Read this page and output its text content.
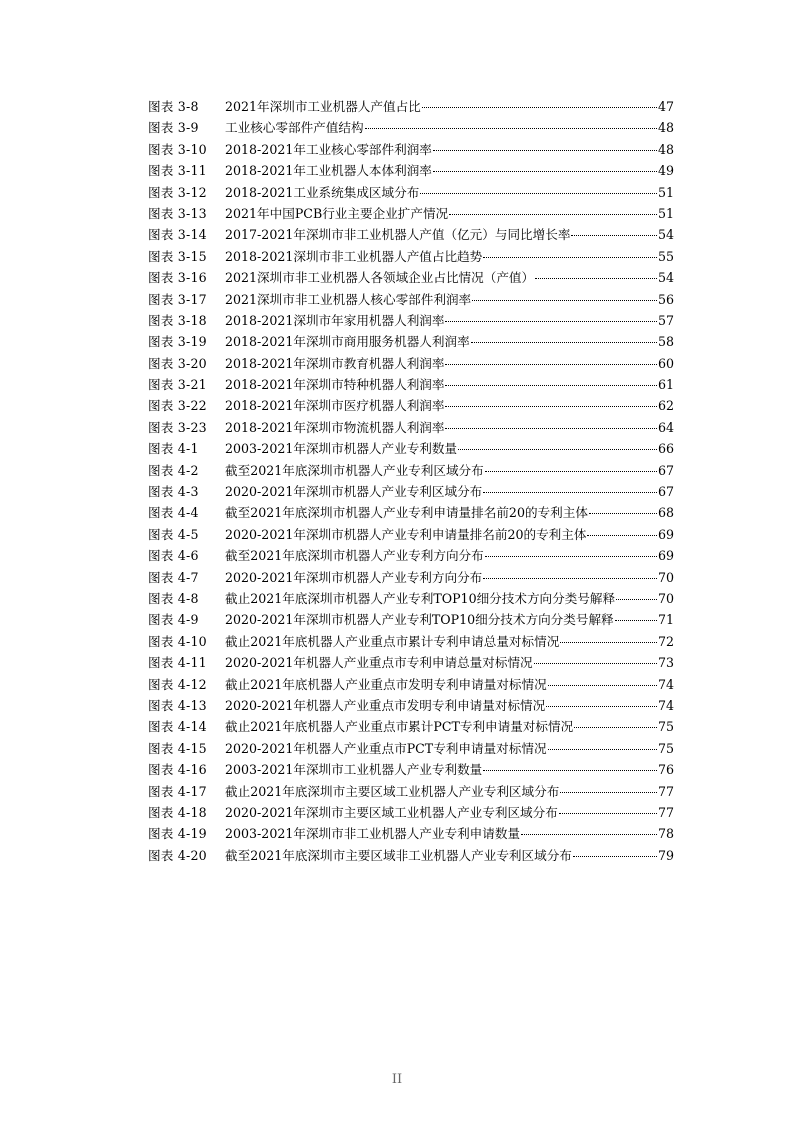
图表 3-8	2021年深圳市工业机器人产值占比	47
图表 3-9	工业核心零部件产值结构	48
图表 3-10	2018-2021年工业核心零部件利润率	48
图表 3-11	2018-2021年工业机器人本体利润率	49
图表 3-12	2018-2021工业系统集成区域分布	51
图表 3-13	2021年中国PCB行业主要企业扩产情况	51
图表 3-14	2017-2021年深圳市非工业机器人产值（亿元）与同比增长率	54
图表 3-15	2018-2021深圳市非工业机器人产值占比趋势	55
图表 3-16	2021深圳市非工业机器人各领域企业占比情况（产值）	54
图表 3-17	2021深圳市非工业机器人核心零部件利润率	56
图表 3-18	2018-2021深圳市年家用机器人利润率	57
图表 3-19	2018-2021年深圳市商用服务机器人利润率	58
图表 3-20	2018-2021年深圳市教育机器人利润率	60
图表 3-21	2018-2021年深圳市特种机器人利润率	61
图表 3-22	2018-2021年深圳市医疗机器人利润率	62
图表 3-23	2018-2021年深圳市物流机器人利润率	64
图表 4-1	2003-2021年深圳市机器人产业专利数量	66
图表 4-2	截至2021年底深圳市机器人产业专利区域分布	67
图表 4-3	2020-2021年深圳市机器人产业专利区域分布	67
图表 4-4	截至2021年底深圳市机器人产业专利申请量排名前20的专利主体	68
图表 4-5	2020-2021年深圳市机器人产业专利申请量排名前20的专利主体	69
图表 4-6	截至2021年底深圳市机器人产业专利方向分布	69
图表 4-7	2020-2021年深圳市机器人产业专利方向分布	70
图表 4-8	截止2021年底深圳市机器人产业专利TOP10细分技术方向分类号解释	70
图表 4-9	2020-2021年深圳市机器人产业专利TOP10细分技术方向分类号解释	71
图表 4-10	截止2021年底机器人产业重点市累计专利申请总量对标情况	72
图表 4-11	2020-2021年机器人产业重点市专利申请总量对标情况	73
图表 4-12	截止2021年底机器人产业重点市发明专利申请量对标情况	74
图表 4-13	2020-2021年机器人产业重点市发明专利申请量对标情况	74
图表 4-14	截止2021年底机器人产业重点市累计PCT专利申请量对标情况	75
图表 4-15	2020-2021年机器人产业重点市PCT专利申请量对标情况	75
图表 4-16	2003-2021年深圳市工业机器人产业专利数量	76
图表 4-17	截止2021年底深圳市主要区域工业机器人产业专利区域分布	77
图表 4-18	2020-2021年深圳市主要区域工业机器人产业专利区域分布	77
图表 4-19	2003-2021年深圳市非工业机器人产业专利申请数量	78
图表 4-20	截至2021年底深圳市主要区域非工业机器人产业专利区域分布	79
II
